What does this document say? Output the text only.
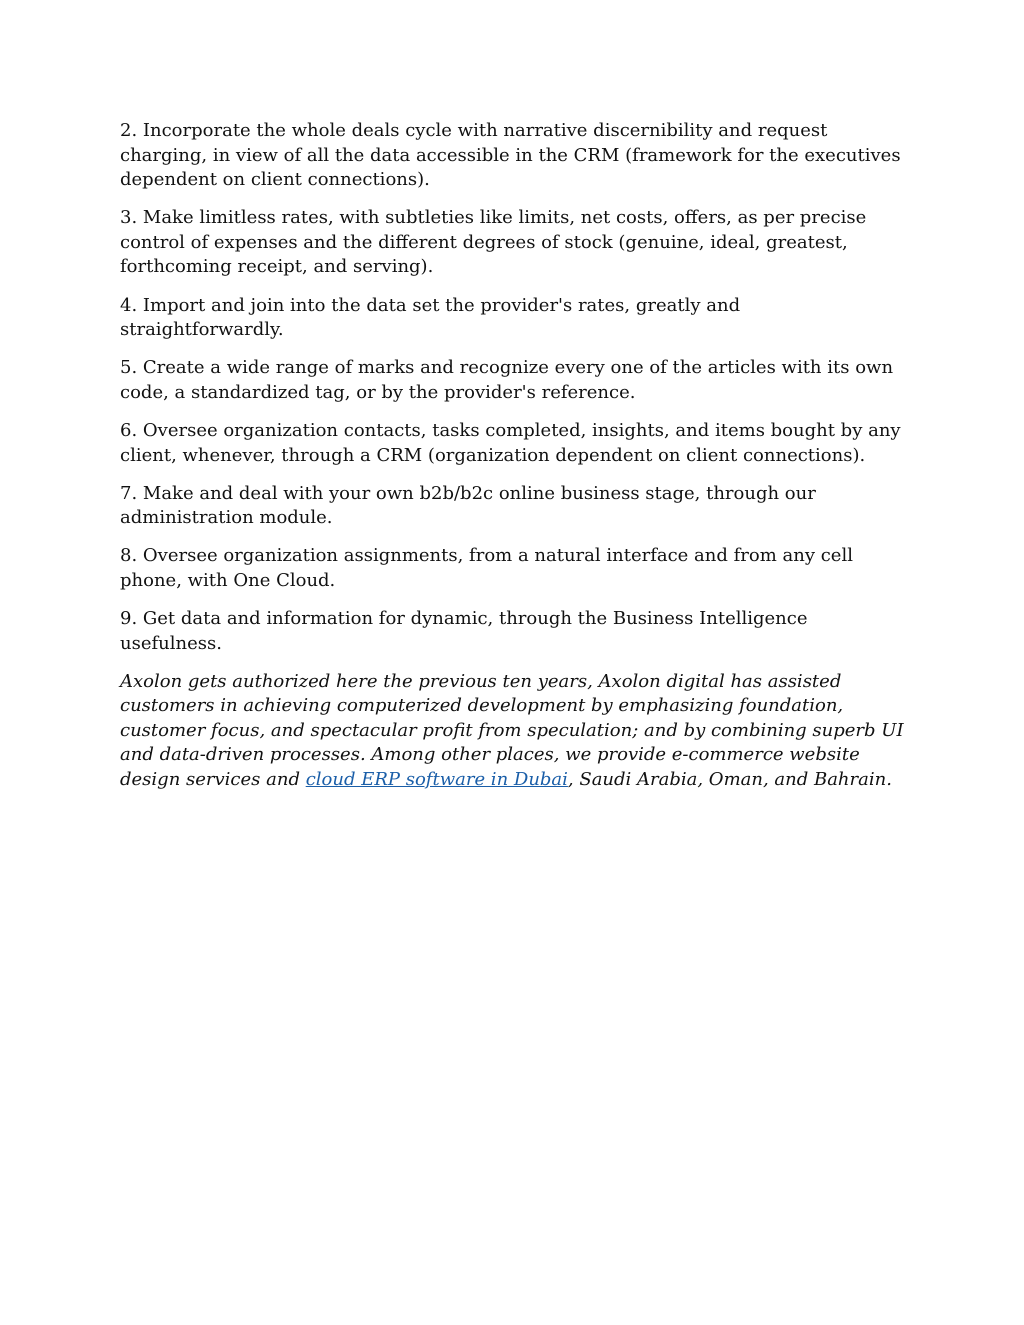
2. Incorporate the whole deals cycle with narrative discernibility and request charging, in view of all the data accessible in the CRM (framework for the executives dependent on client connections).

3. Make limitless rates, with subtleties like limits, net costs, offers, as per precise control of expenses and the different degrees of stock (genuine, ideal, greatest, forthcoming receipt, and serving).

4. Import and join into the data set the provider's rates, greatly and straightforwardly.

5. Create a wide range of marks and recognize every one of the articles with its own code, a standardized tag, or by the provider's reference.

6. Oversee organization contacts, tasks completed, insights, and items bought by any client, whenever, through a CRM (organization dependent on client connections).

7. Make and deal with your own b2b/b2c online business stage, through our administration module.

8. Oversee organization assignments, from a natural interface and from any cell phone, with One Cloud.

9. Get data and information for dynamic, through the Business Intelligence usefulness.

Axolon gets authorized here the previous ten years, Axolon digital has assisted customers in achieving computerized development by emphasizing foundation, customer focus, and spectacular profit from speculation; and by combining superb UI and data-driven processes. Among other places, we provide e-commerce website design services and cloud ERP software in Dubai, Saudi Arabia, Oman, and Bahrain.
